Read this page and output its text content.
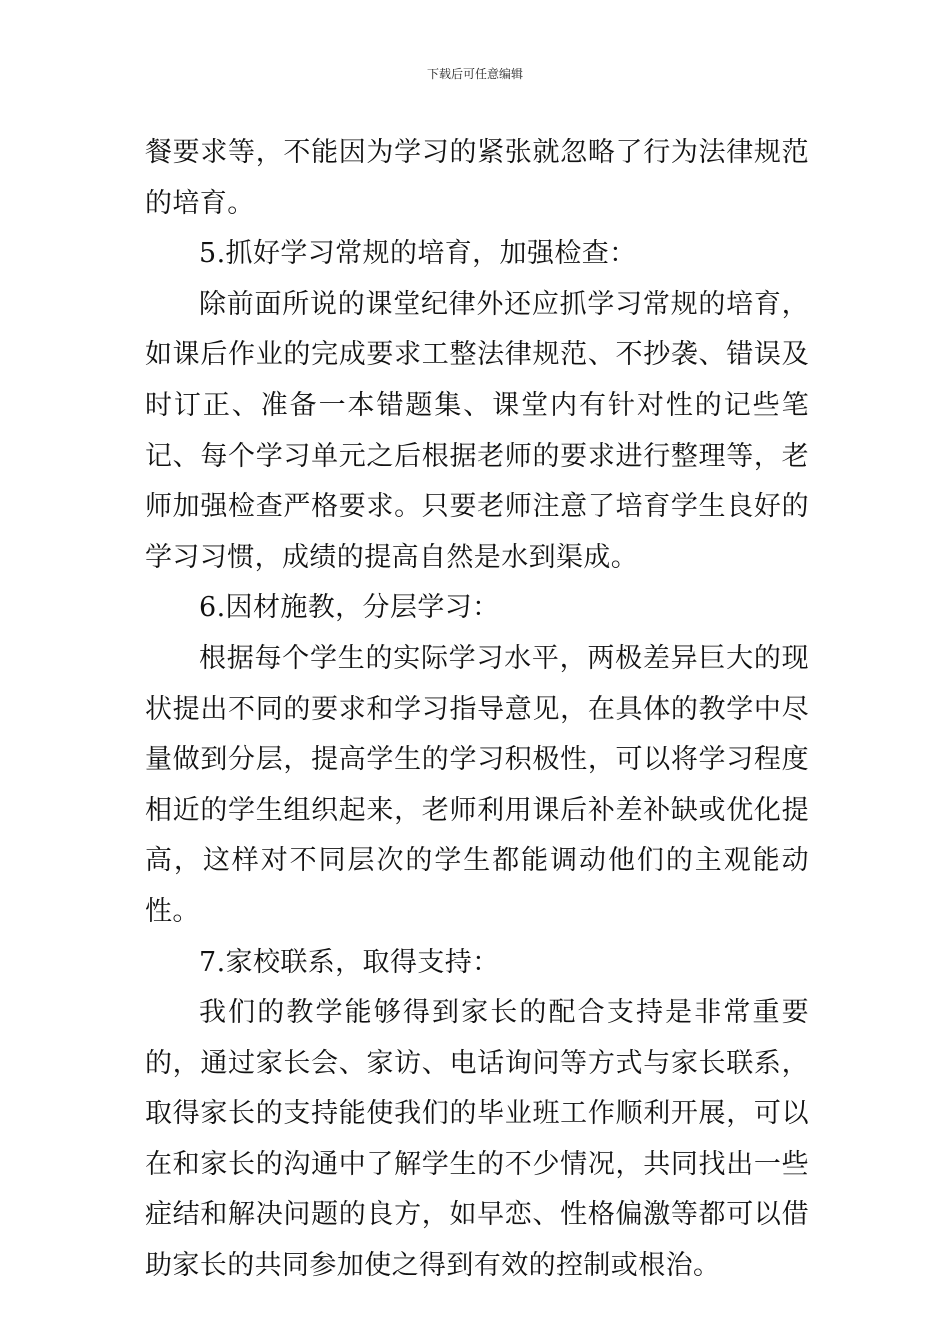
下载后可任意编辑

餐要求等，不能因为学习的紧张就忽略了行为法律规范的培育。

5.抓好学习常规的培育，加强检查：

除前面所说的课堂纪律外还应抓学习常规的培育，如课后作业的完成要求工整法律规范、不抄袭、错误及时订正、准备一本错题集、课堂内有针对性的记些笔记、每个学习单元之后根据老师的要求进行整理等，老师加强检查严格要求。只要老师注意了培育学生良好的学习习惯，成绩的提高自然是水到渠成。

6.因材施教，分层学习：

根据每个学生的实际学习水平，两极差异巨大的现状提出不同的要求和学习指导意见，在具体的教学中尽量做到分层，提高学生的学习积极性，可以将学习程度相近的学生组织起来，老师利用课后补差补缺或优化提高，这样对不同层次的学生都能调动他们的主观能动性。

7.家校联系，取得支持：

我们的教学能够得到家长的配合支持是非常重要的，通过家长会、家访、电话询问等方式与家长联系，取得家长的支持能使我们的毕业班工作顺利开展，可以在和家长的沟通中了解学生的不少情况，共同找出一些症结和解决问题的良方，如早恋、性格偏激等都可以借助家长的共同参加使之得到有效的控制或根治。
